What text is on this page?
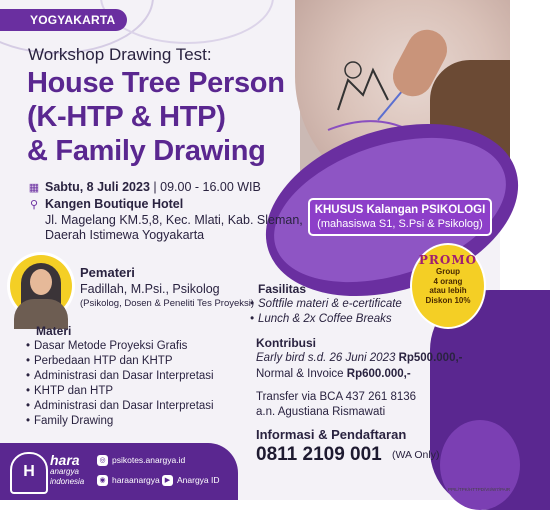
YOGYAKARTA
Workshop Drawing Test:
House Tree Person
(K-HTP & HTP)
& Family Drawing
▦ Sabtu, 8 Juli 2023 | 09.00 - 16.00 WIB
⚲ Kangen Boutique Hotel
Jl. Magelang KM.5,8, Kec. Mlati, Kab. Sleman,
Daerah Istimewa Yogyakarta
KHUSUS Kalangan PSIKOLOGI
(mahasiswa S1, S.Psi & Psikolog)
PROMO
Group
4 orang
atau lebih
Diskon 10%
Pemateri
Fadillah, M.Psi., Psikolog
(Psikolog, Dosen & Peneliti Tes Proyeksi)
Materi
• Dasar Metode Proyeksi Grafis
• Perbedaan HTP dan KHTP
• Administrasi dan Dasar Interpretasi
• KHTP dan HTP
• Administrasi dan Dasar Interpretasi
• Family Drawing
Fasilitas
• Softfile materi & e-certificate
• Lunch & 2x Coffee Breaks
Kontribusi
Early bird s.d. 26 Juni 2023 Rp500.000,-
Normal & Invoice Rp600.000,-
Transfer via BCA 437 261 8136
a.n. Agustiana Rismawati
Informasi & Pendaftaran
0811 2109 001 (WA Only)
H
hara
anargya
indonesia
◎ psikotes.anargya.id
◉ haraanargya ▶ Anargya ID
PPIL/TPK/HTTPD/VII/W7/PAIR
